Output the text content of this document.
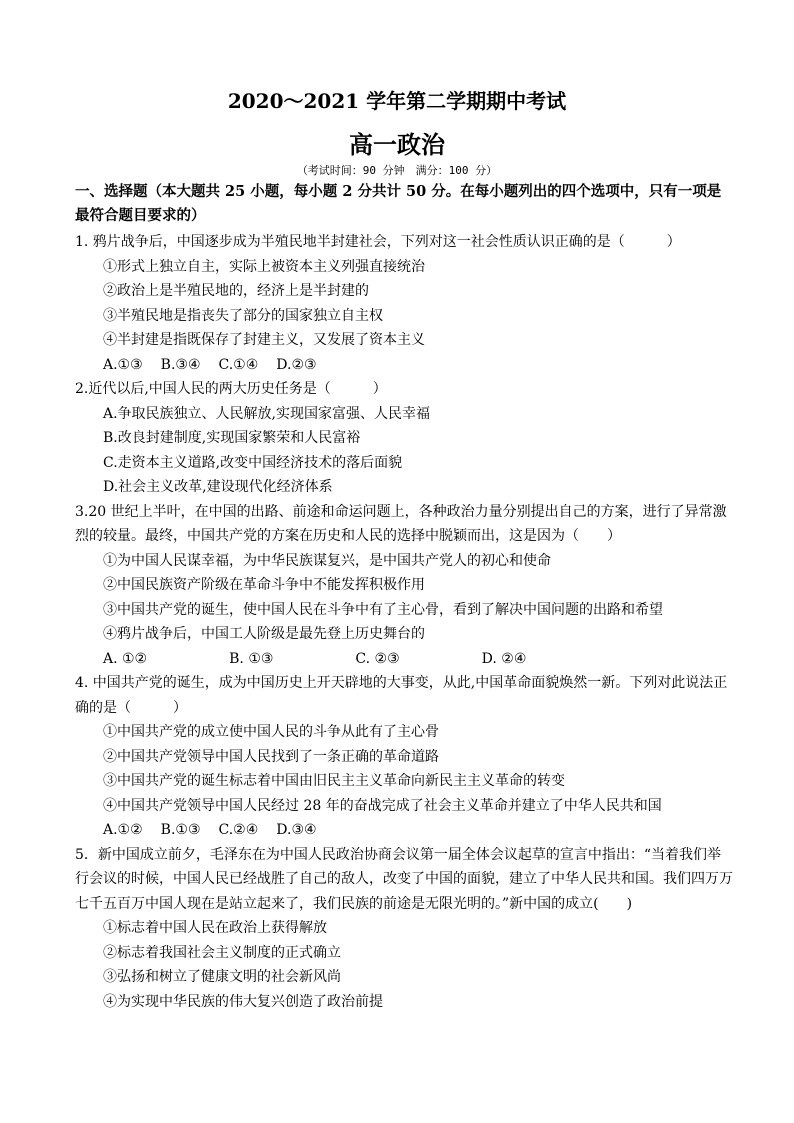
2020～2021 学年第二学期期中考试
高一政治
（考试时间：90 分钟　满分：100 分）
一、选择题（本大题共 25 小题，每小题 2 分共计 50 分。在每小题列出的四个选项中，只有一项是最符合题目要求的）

1. 鸦片战争后，中国逐步成为半殖民地半封建社会，下列对这一社会性质认识正确的是（　　　）

①形式上独立自主，实际上被资本主义列强直接统治

②政治上是半殖民地的，经济上是半封建的

③半殖民地是指丧失了部分的国家独立自主权

④半封建是指既保存了封建主义，又发展了资本主义

A.①③ B.③④ C.①④ D.②③

2.近代以后,中国人民的两大历史任务是（　　　）

A.争取民族独立、人民解放,实现国家富强、人民幸福

B.改良封建制度,实现国家繁荣和人民富裕

C.走资本主义道路,改变中国经济技术的落后面貌

D.社会主义改革,建设现代化经济体系

3.20 世纪上半叶，在中国的出路、前途和命运问题上，各种政治力量分别提出自己的方案，进行了异常激烈的较量。最终，中国共产党的方案在历史和人民的选择中脱颖而出，这是因为（　　）

①为中国人民谋幸福，为中华民族谋复兴，是中国共产党人的初心和使命

②中国民族资产阶级在革命斗争中不能发挥积极作用

③中国共产党的诞生，使中国人民在斗争中有了主心骨，看到了解决中国问题的出路和希望

④鸦片战争后，中国工人阶级是最先登上历史舞台的

A. ①②	B. ①③	C. ②③	D. ②④

4. 中国共产党的诞生，成为中国历史上开天辟地的大事变，从此,中国革命面貌焕然一新。下列对此说法正确的是（　　　）

①中国共产党的成立使中国人民的斗争从此有了主心骨

②中国共产党领导中国人民找到了一条正确的革命道路

③中国共产党的诞生标志着中国由旧民主主义革命向新民主主义革命的转变

④中国共产党领导中国人民经过 28 年的奋战完成了社会主义革命并建立了中华人民共和国

A.①② B.①③ C.②④ D.③④

5．新中国成立前夕，毛泽东在为中国人民政治协商会议第一届全体会议起草的宣言中指出：“当着我们举行会议的时候，中国人民已经战胜了自己的敌人，改变了中国的面貌，建立了中华人民共和国。我们四万万七千五百万中国人现在是站立起来了，我们民族的前途是无限光明的。”新中国的成立(　　)

①标志着中国人民在政治上获得解放

②标志着我国社会主义制度的正式确立

③弘扬和树立了健康文明的社会新风尚

④为实现中华民族的伟大复兴创造了政治前提
